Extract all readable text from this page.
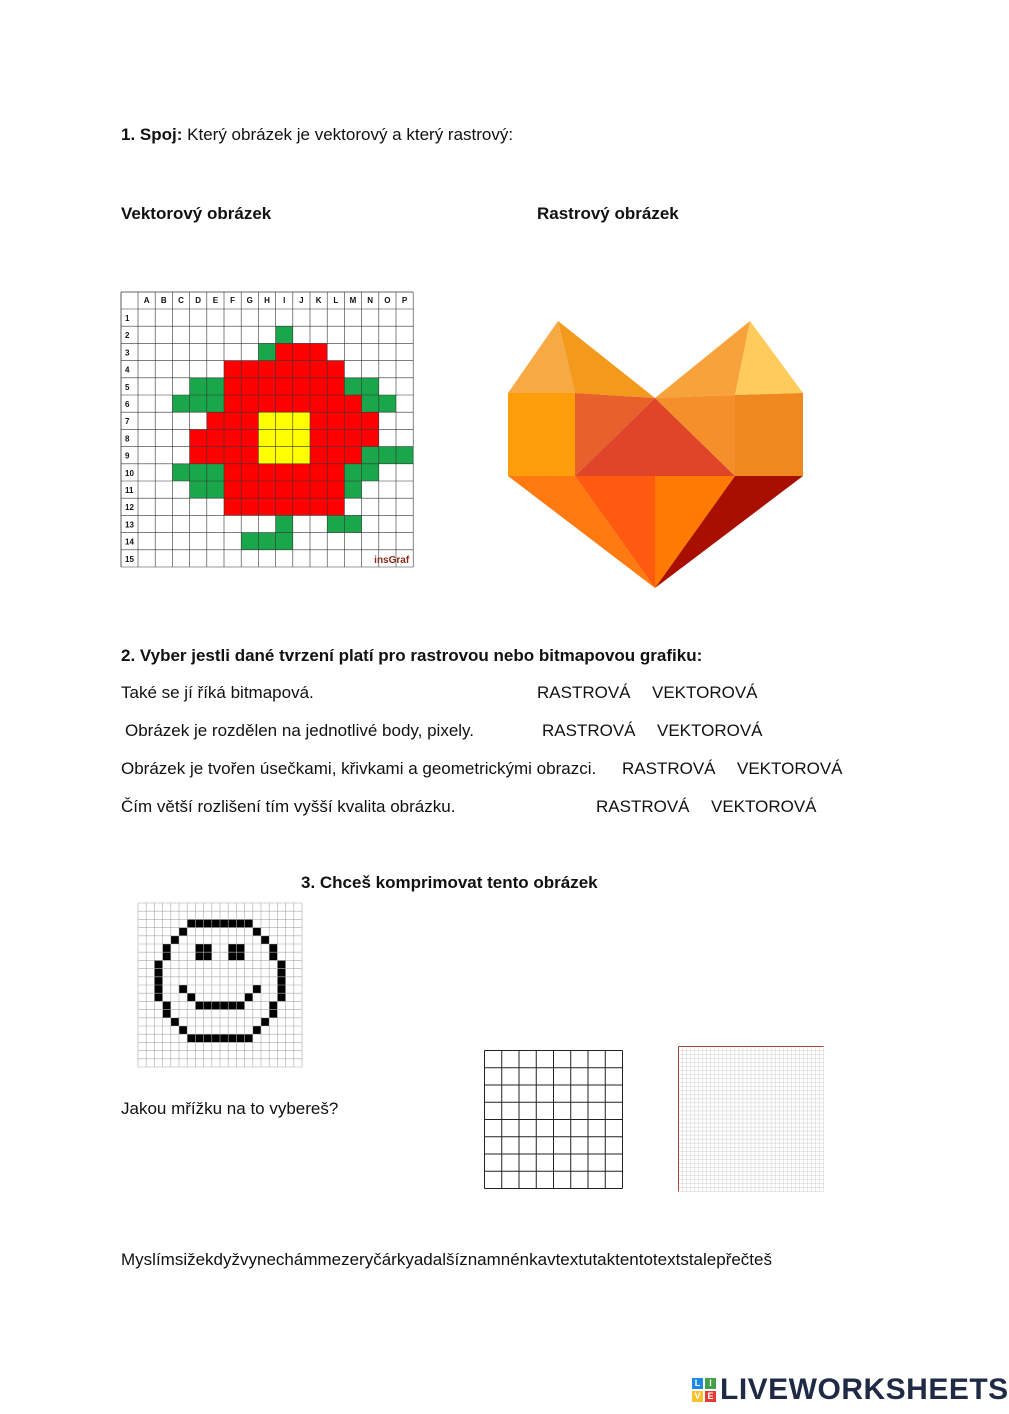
1. Spoj: Který obrázek je vektorový a který rastrový:
Vektorový obrázek	Rastrový obrázek
A B C D E F G H I J K L M N O P
1
2
3
4
5
6
7
8
9
10
11
12
13
14
15	insGraf
2. Vyber jestli dané tvrzení platí pro rastrovou nebo bitmapovou grafiku:
Také se jí říká bitmapová.	RASTROVÁ VEKTOROVÁ
Obrázek je rozdělen na jednotlivé body, pixely.	RASTROVÁ VEKTOROVÁ
Obrázek je tvořen úsečkami, křivkami a geometrickými obrazci. RASTROVÁ VEKTOROVÁ
Čím větší rozlišení tím vyšší kvalita obrázku.	RASTROVÁ VEKTOROVÁ
3. Chceš komprimovat tento obrázek
Jakou mřížku na to vybereš?
Myslímsižekdyžvynechámmezeryčárkyadalšíznamnénkavtextutaktentotextstalepřečteš
L I
V E LIVEWORKSHEETS
